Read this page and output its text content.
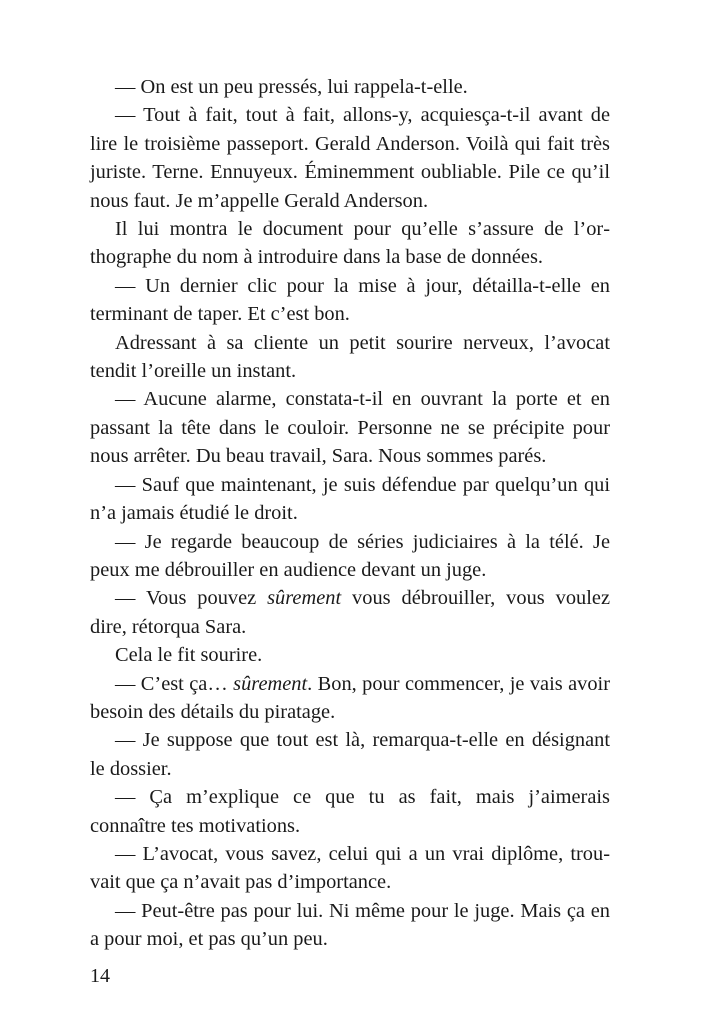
— On est un peu pressés, lui rappela-t-elle.

— Tout à fait, tout à fait, allons-y, acquiesça-t-il avant de lire le troisième passeport. Gerald Anderson. Voilà qui fait très juriste. Terne. Ennuyeux. Éminemment oubliable. Pile ce qu’il nous faut. Je m’appelle Gerald Anderson.

Il lui montra le document pour qu’elle s’assure de l’orthographe du nom à introduire dans la base de données.

— Un dernier clic pour la mise à jour, détailla-t-elle en terminant de taper. Et c’est bon.

Adressant à sa cliente un petit sourire nerveux, l’avocat tendit l’oreille un instant.

— Aucune alarme, constata-t-il en ouvrant la porte et en passant la tête dans le couloir. Personne ne se précipite pour nous arrêter. Du beau travail, Sara. Nous sommes parés.

— Sauf que maintenant, je suis défendue par quelqu’un qui n’a jamais étudié le droit.

— Je regarde beaucoup de séries judiciaires à la télé. Je peux me débrouiller en audience devant un juge.

— Vous pouvez sûrement vous débrouiller, vous voulez dire, rétorqua Sara.

Cela le fit sourire.

— C’est ça… sûrement. Bon, pour commencer, je vais avoir besoin des détails du piratage.

— Je suppose que tout est là, remarqua-t-elle en désignant le dossier.

— Ça m’explique ce que tu as fait, mais j’aimerais connaître tes motivations.

— L’avocat, vous savez, celui qui a un vrai diplôme, trouvait que ça n’avait pas d’importance.

— Peut-être pas pour lui. Ni même pour le juge. Mais ça en a pour moi, et pas qu’un peu.

14
